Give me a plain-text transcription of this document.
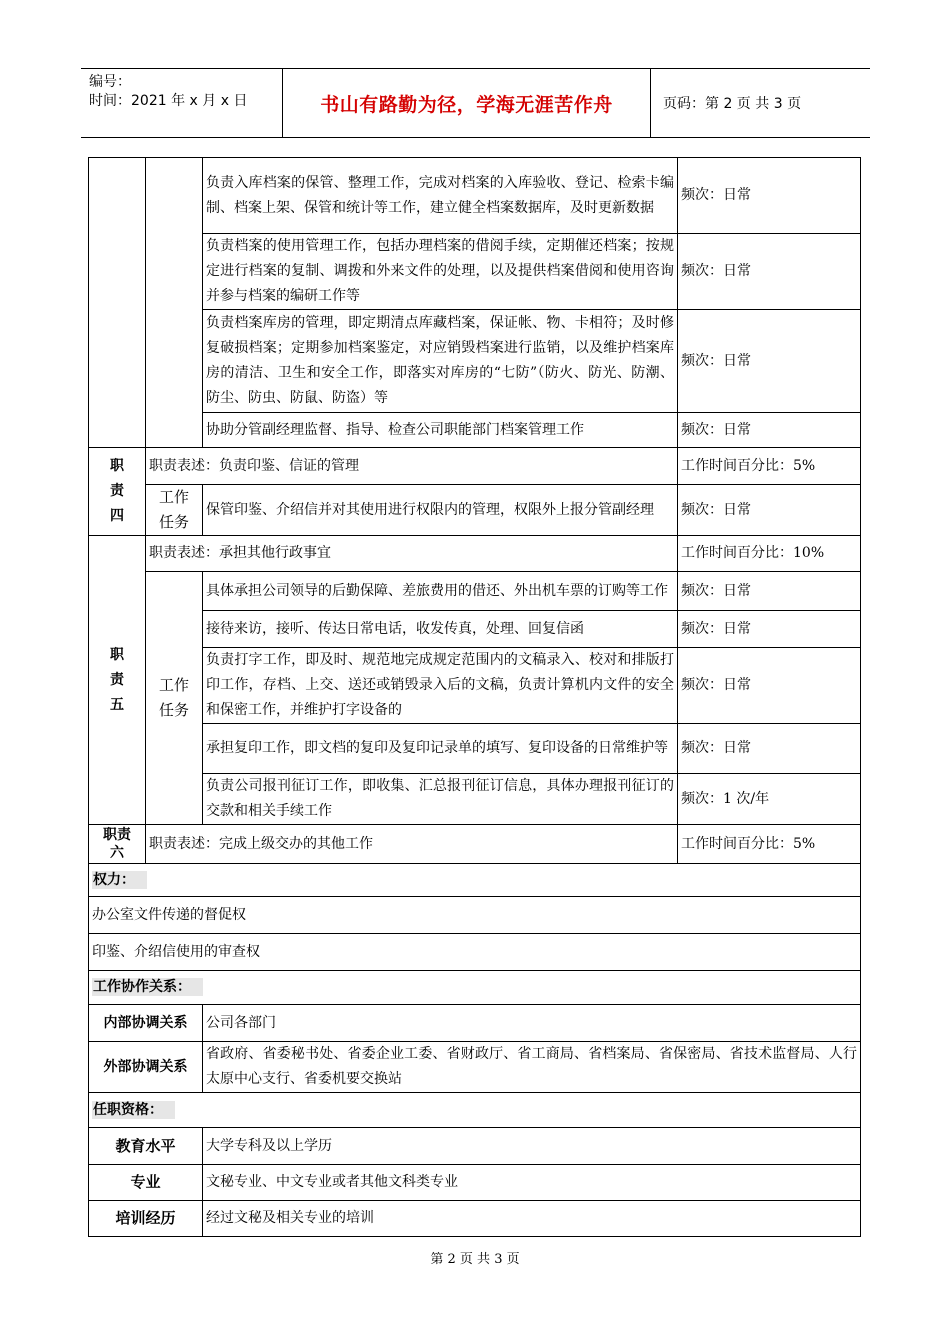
编号：
时间：2021 年 x 月 x 日	书山有路勤为径，学海无涯苦作舟	页码：第 2 页 共 3 页
		负责入库档案的保管、整理工作，完成对档案的入库验收、登记、检索卡编制、档案上架、保管和统计等工作，建立健全档案数据库，及时更新数据	频次：日常
		负责档案的使用管理工作，包括办理档案的借阅手续，定期催还档案；按规定进行档案的复制、调拨和外来文件的处理，以及提供档案借阅和使用咨询并参与档案的编研工作等	频次：日常
		负责档案库房的管理，即定期清点库藏档案，保证帐、物、卡相符；及时修复破损档案；定期参加档案鉴定，对应销毁档案进行监销，以及维护档案库房的清洁、卫生和安全工作，即落实对库房的“七防”（防火、防光、防潮、防尘、防虫、防鼠、防盗）等	频次：日常
		协助分管副经理监督、指导、检查公司职能部门档案管理工作	频次：日常

职责四	职责表述：负责印鉴、信证的管理		工作时间百分比：5%

	工作任务	保管印鉴、介绍信并对其使用进行权限内的管理，权限外上报分管副经理	频次：日常

职责五	职责表述：承担其他行政事宜		工作时间百分比：10%

	工作任务	具体承担公司领导的后勤保障、差旅费用的借还、外出机车票的订购等工作	频次：日常
		接待来访，接听、传达日常电话，收发传真，处理、回复信函	频次：日常
		负责打字工作，即及时、规范地完成规定范围内的文稿录入、校对和排版打印工作，存档、上交、送还或销毁录入后的文稿，负责计算机内文件的安全和保密工作，并维护打字设备的	频次：日常
		承担复印工作，即文档的复印及复印记录单的填写、复印设备的日常维护等	频次：日常
		负责公司报刊征订工作，即收集、汇总报刊征订信息，具体办理报刊征订的交款和相关手续工作	频次：1 次/年

职责六	职责表述：完成上级交办的其他工作		工作时间百分比：5%
权力：			
办公室文件传递的督促权			
印鉴、介绍信使用的审查权			
工作协作关系：			
内部协调关系		公司各部门	
外部协调关系		省政府、省委秘书处、省委企业工委、省财政厅、省工商局、省档案局、省保密局、省技术监督局、人行太原中心支行、省委机要交换站	
任职资格：			
教育水平		大学专科及以上学历	
专业		文秘专业、中文专业或者其他文科类专业	
培训经历		经过文秘及相关专业的培训	
第 2 页 共 3 页
